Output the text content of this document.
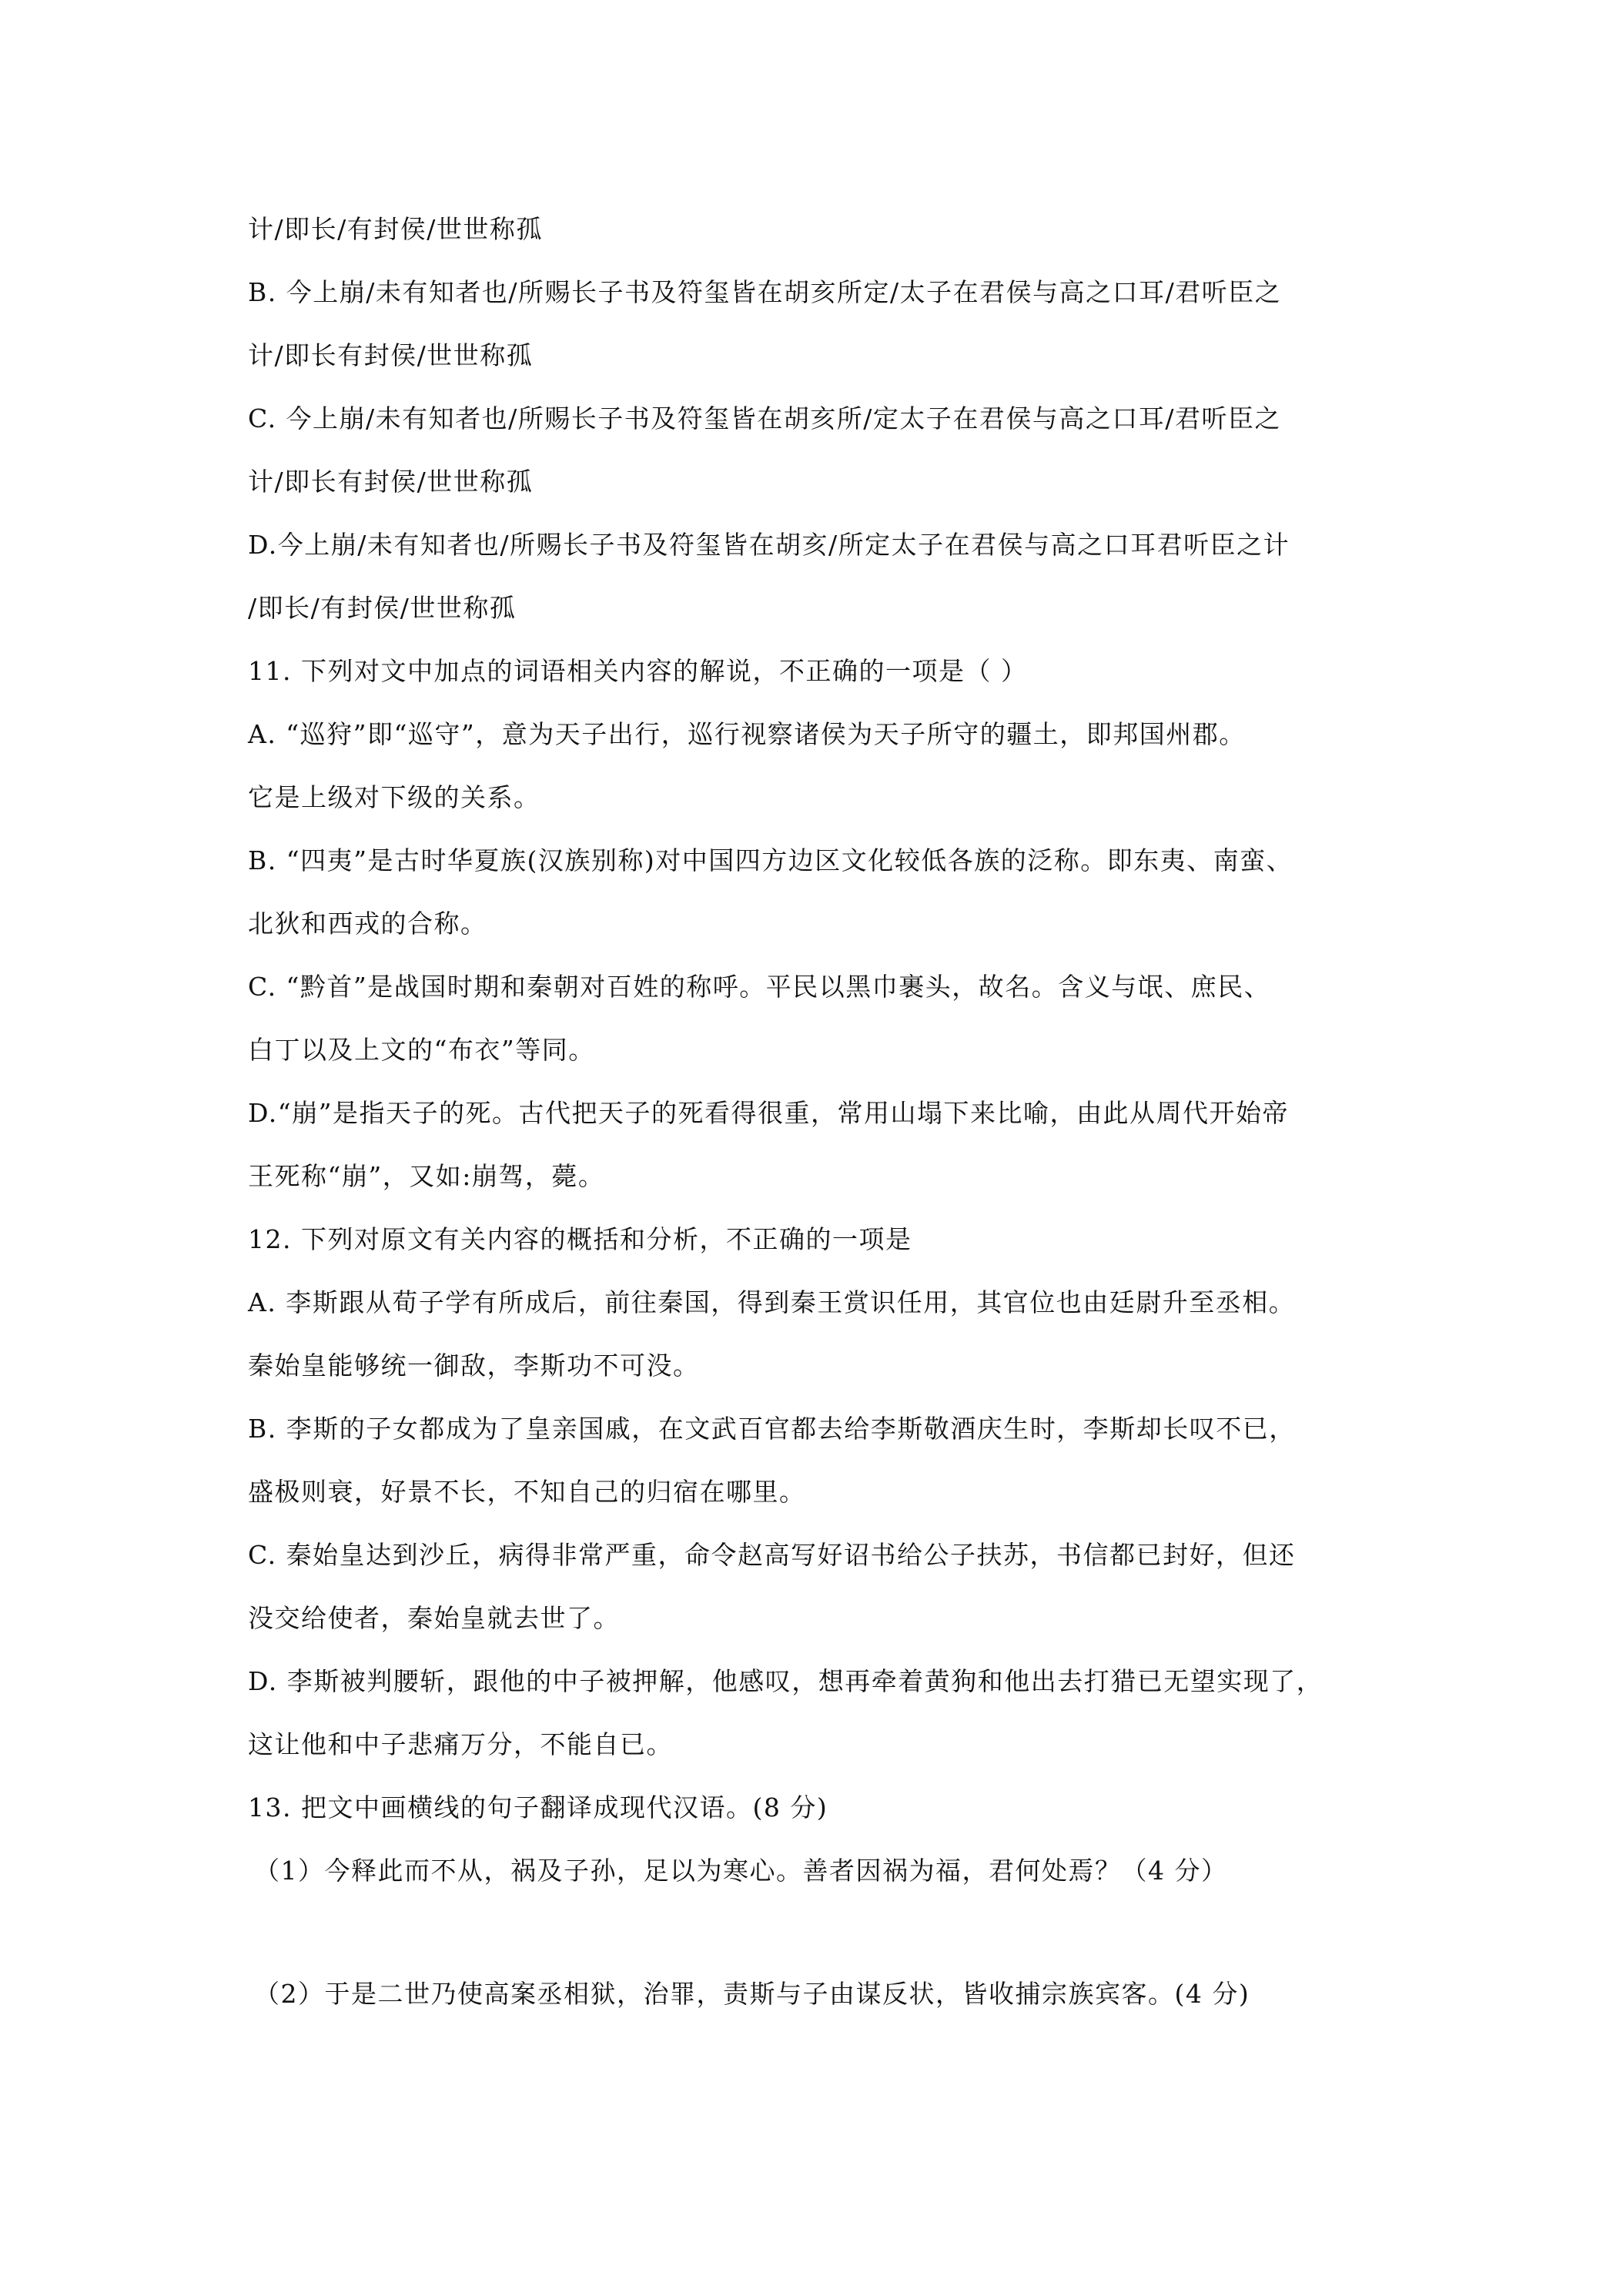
计/即长/有封侯/世世称孤
B. 今上崩/未有知者也/所赐长子书及符玺皆在胡亥所定/太子在君侯与高之口耳/君听臣之
计/即长有封侯/世世称孤
C. 今上崩/未有知者也/所赐长子书及符玺皆在胡亥所/定太子在君侯与高之口耳/君听臣之
计/即长有封侯/世世称孤
D.今上崩/未有知者也/所赐长子书及符玺皆在胡亥/所定太子在君侯与高之口耳君听臣之计
/即长/有封侯/世世称孤
11. 下列对文中加点的词语相关内容的解说，不正确的一项是（ ）
A. “巡狩”即“巡守”，意为天子出行，巡行视察诸侯为天子所守的疆土，即邦国州郡。
它是上级对下级的关系。
B. “四夷”是古时华夏族(汉族别称)对中国四方边区文化较低各族的泛称。即东夷、南蛮、
北狄和西戎的合称。
C. “黔首”是战国时期和秦朝对百姓的称呼。平民以黑巾裹头，故名。含义与氓、庶民、
白丁以及上文的“布衣”等同。
D.“崩”是指天子的死。古代把天子的死看得很重，常用山塌下来比喻，由此从周代开始帝
王死称“崩”，又如:崩驾，薨。
12. 下列对原文有关内容的概括和分析，不正确的一项是
A. 李斯跟从荀子学有所成后，前往秦国，得到秦王赏识任用，其官位也由廷尉升至丞相。
秦始皇能够统一御敌，李斯功不可没。
B. 李斯的子女都成为了皇亲国戚，在文武百官都去给李斯敬酒庆生时，李斯却长叹不已，
盛极则衰，好景不长，不知自己的归宿在哪里。
C. 秦始皇达到沙丘，病得非常严重，命令赵高写好诏书给公子扶苏，书信都已封好，但还
没交给使者，秦始皇就去世了。
D. 李斯被判腰斩，跟他的中子被押解，他感叹，想再牵着黄狗和他出去打猎已无望实现了，
这让他和中子悲痛万分，不能自已。
13. 把文中画横线的句子翻译成现代汉语。(8 分)
（1）今释此而不从，祸及子孙，足以为寒心。善者因祸为福，君何处焉？（4 分）
（2）于是二世乃使高案丞相狱，治罪，责斯与子由谋反状，皆收捕宗族宾客。(4 分)
